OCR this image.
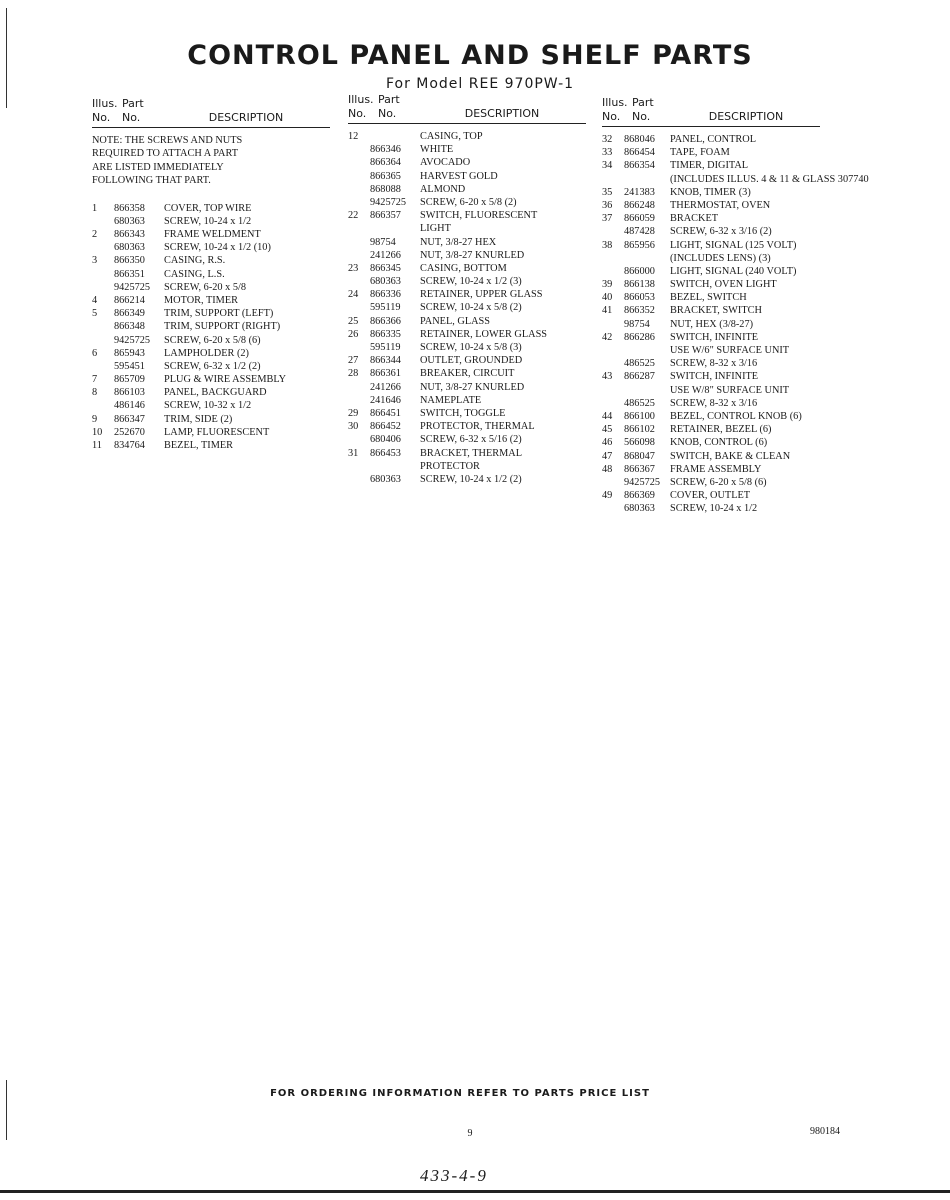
CONTROL PANEL AND SHELF PARTS
For Model REE 970PW-1
Illus. Part
No.	No.	DESCRIPTION
NOTE: THE SCREWS AND NUTS
REQUIRED TO ATTACH A PART
ARE LISTED IMMEDIATELY
FOLLOWING THAT PART.
1	866358	COVER, TOP WIRE
680363	SCREW, 10-24 x 1/2
2	866343	FRAME WELDMENT
680363	SCREW, 10-24 x 1/2 (10)
3	866350	CASING, R.S.
866351	CASING, L.S.
9425725	SCREW, 6-20 x 5/8
4	866214	MOTOR, TIMER
5	866349	TRIM, SUPPORT (LEFT)
866348	TRIM, SUPPORT (RIGHT)
9425725	SCREW, 6-20 x 5/8 (6)
6	865943	LAMPHOLDER (2)
595451	SCREW, 6-32 x 1/2 (2)
7	865709	PLUG & WIRE ASSEMBLY
8	866103	PANEL, BACKGUARD
486146	SCREW, 10-32 x 1/2
9	866347	TRIM, SIDE (2)
10	252670	LAMP, FLUORESCENT
11	834764	BEZEL, TIMER
Illus. Part
No.	No.	DESCRIPTION
12	CASING, TOP
866346	WHITE
866364	AVOCADO
866365	HARVEST GOLD
868088	ALMOND
9425725	SCREW, 6-20 x 5/8 (2)
22	866357	SWITCH, FLUORESCENT
LIGHT
98754	NUT, 3/8-27 HEX
241266	NUT, 3/8-27 KNURLED
23	866345	CASING, BOTTOM
680363	SCREW, 10-24 x 1/2 (3)
24	866336	RETAINER, UPPER GLASS
595119	SCREW, 10-24 x 5/8 (2)
25	866366	PANEL, GLASS
26	866335	RETAINER, LOWER GLASS
595119	SCREW, 10-24 x 5/8 (3)
27	866344	OUTLET, GROUNDED
28	866361	BREAKER, CIRCUIT
241266	NUT, 3/8-27 KNURLED
241646	NAMEPLATE
29	866451	SWITCH, TOGGLE
30	866452	PROTECTOR, THERMAL
680406	SCREW, 6-32 x 5/16 (2)
31	866453	BRACKET, THERMAL
PROTECTOR
680363	SCREW, 10-24 x 1/2 (2)
Illus. Part
No.	No.	DESCRIPTION
32	868046	PANEL, CONTROL
33	866454	TAPE, FOAM
34	866354	TIMER, DIGITAL
(INCLUDES ILLUS. 4 & 11 & GLASS 307740
35	241383	KNOB, TIMER (3)
36	866248	THERMOSTAT, OVEN
37	866059	BRACKET
487428	SCREW, 6-32 x 3/16 (2)
38	865956	LIGHT, SIGNAL (125 VOLT)
(INCLUDES LENS) (3)
866000	LIGHT, SIGNAL (240 VOLT)
39	866138	SWITCH, OVEN LIGHT
40	866053	BEZEL, SWITCH
41	866352	BRACKET, SWITCH
98754	NUT, HEX (3/8-27)
42	866286	SWITCH, INFINITE
USE W/6" SURFACE UNIT
486525	SCREW, 8-32 x 3/16
43	866287	SWITCH, INFINITE
USE W/8" SURFACE UNIT
486525	SCREW, 8-32 x 3/16
44	866100	BEZEL, CONTROL KNOB (6)
45	866102	RETAINER, BEZEL (6)
46	566098	KNOB, CONTROL (6)
47	868047	SWITCH, BAKE & CLEAN
48	866367	FRAME ASSEMBLY
9425725 SCREW, 6-20 x 5/8 (6)
49	866369	COVER, OUTLET
680363	SCREW, 10-24 x 1/2
FOR ORDERING INFORMATION REFER TO PARTS PRICE LIST
9	980184
433-4-9
